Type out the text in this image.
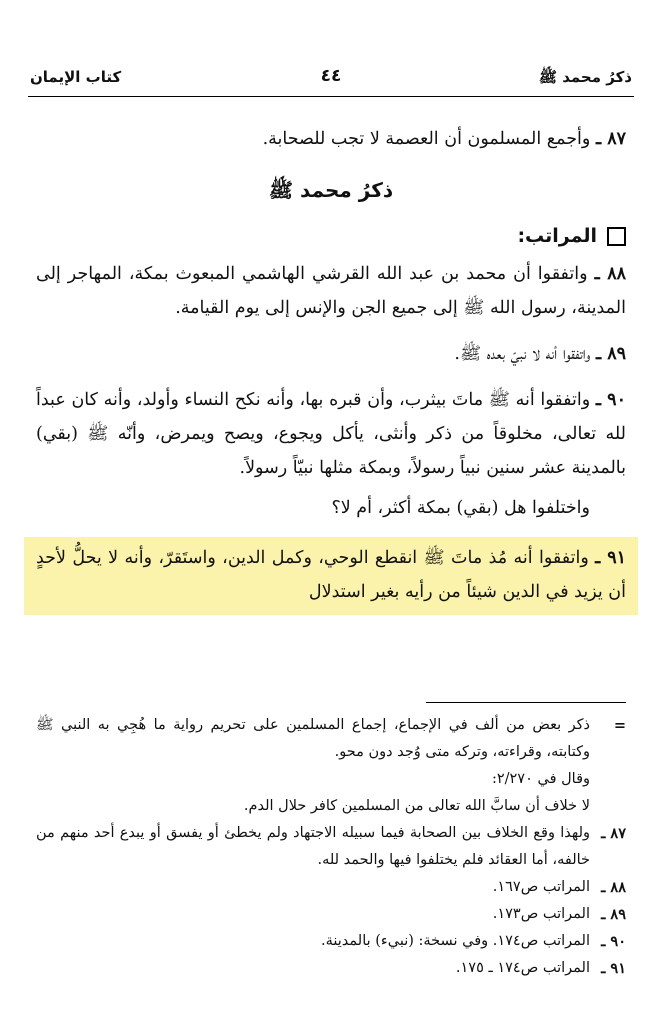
ذكرُ محمد ﷺ
٤٤
كتاب الإيمان

٨٧ ـ وأجمع المسلمون أن العصمة لا تجب للصحابة.

ذكرُ محمد ﷺ
المراتب:

٨٨ ـ واتفقوا أن محمد بن عبد الله القرشي الهاشمي المبعوث بمكة، المهاجر إلى المدينة، رسول الله ﷺ إلى جميع الجن والإنس إلى يوم القيامة.

٨٩ ـ واتفقوا أنه لا نبيّ بعده ﷺ.

٩٠ ـ واتفقوا أنه ﷺ ماتَ بيثرب، وأن قبره بها، وأنه نكح النساء وأولد، وأنه كان عبداً لله تعالى، مخلوقاً من ذكر وأنثى، يأكل ويجوع، ويصح ويمرض، وأنّه ﷺ (بقي) بالمدينة عشر سنين نبياً رسولاً، وبمكة مثلها نبيّاً رسولاً.

واختلفوا هل (بقي) بمكة أكثر، أم لا؟

٩١ ـ واتفقوا أنه مُذ ماتَ ﷺ انقطع الوحي، وكمل الدين، واستَقرّ، وأنه لا يحلُّ لأحدٍ أن يزيد في الدين شيئاً من رأيه بغير استدلال

=
ذكر بعض من ألف في الإجماع، إجماع المسلمين على تحريم رواية ما هُجِي به النبي ﷺ وكتابته، وقراءته، وتركه متى وُجد دون محو.
وقال في ٢/٢٧٠:
لا خلاف أن سابَّ الله تعالى من المسلمين كافر حلال الدم.
٨٧ ـ
ولهذا وقع الخلاف بين الصحابة فيما سبيله الاجتهاد ولم يخطئ أو يفسق أو يبدع أحد منهم من خالفه، أما العقائد فلم يختلفوا فيها والحمد لله.
٨٨ ـ
المراتب ص١٦٧.
٨٩ ـ
المراتب ص١٧٣.
٩٠ ـ
المراتب ص١٧٤. وفي نسخة: (نبيء) بالمدينة.
٩١ ـ
المراتب ص١٧٤ ـ ١٧٥.
